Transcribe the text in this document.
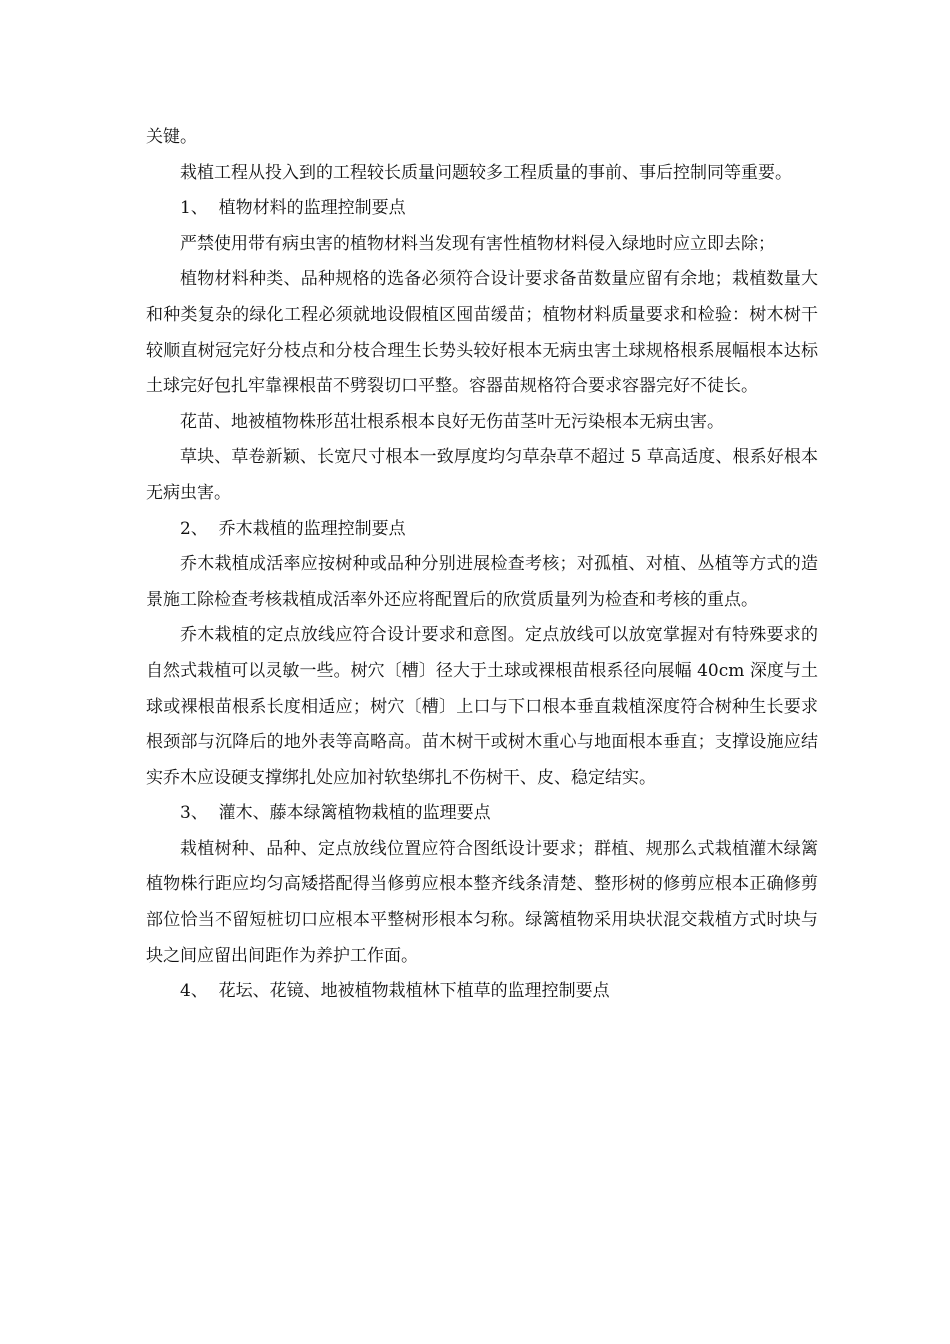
关键。

栽植工程从投入到的工程较长质量问题较多工程质量的事前、事后控制同等重要。

1、  植物材料的监理控制要点

严禁使用带有病虫害的植物材料当发现有害性植物材料侵入绿地时应立即去除；

植物材料种类、品种规格的选备必须符合设计要求备苗数量应留有余地；栽植数量大和种类复杂的绿化工程必须就地设假植区囤苗缓苗；植物材料质量要求和检验：树木树干较顺直树冠完好分枝点和分枝合理生长势头较好根本无病虫害土球规格根系展幅根本达标土球完好包扎牢靠裸根苗不劈裂切口平整。容器苗规格符合要求容器完好不徒长。

花苗、地被植物株形茁壮根系根本良好无伤苗茎叶无污染根本无病虫害。

草块、草卷新颖、长宽尺寸根本一致厚度均匀草杂草不超过 5 草高适度、根系好根本无病虫害。

2、  乔木栽植的监理控制要点

乔木栽植成活率应按树种或品种分别进展检查考核；对孤植、对植、丛植等方式的造景施工除检查考核栽植成活率外还应将配置后的欣赏质量列为检查和考核的重点。

乔木栽植的定点放线应符合设计要求和意图。定点放线可以放宽掌握对有特殊要求的自然式栽植可以灵敏一些。树穴〔槽〕径大于土球或裸根苗根系径向展幅 40cm 深度与土球或裸根苗根系长度相适应；树穴〔槽〕上口与下口根本垂直栽植深度符合树种生长要求根颈部与沉降后的地外表等高略高。苗木树干或树木重心与地面根本垂直；支撑设施应结实乔木应设硬支撑绑扎处应加衬软垫绑扎不伤树干、皮、稳定结实。

3、  灌木、藤本绿篱植物栽植的监理要点

栽植树种、品种、定点放线位置应符合图纸设计要求；群植、规那么式栽植灌木绿篱植物株行距应均匀高矮搭配得当修剪应根本整齐线条清楚、整形树的修剪应根本正确修剪部位恰当不留短桩切口应根本平整树形根本匀称。绿篱植物采用块状混交栽植方式时块与块之间应留出间距作为养护工作面。

4、  花坛、花镜、地被植物栽植林下植草的监理控制要点
